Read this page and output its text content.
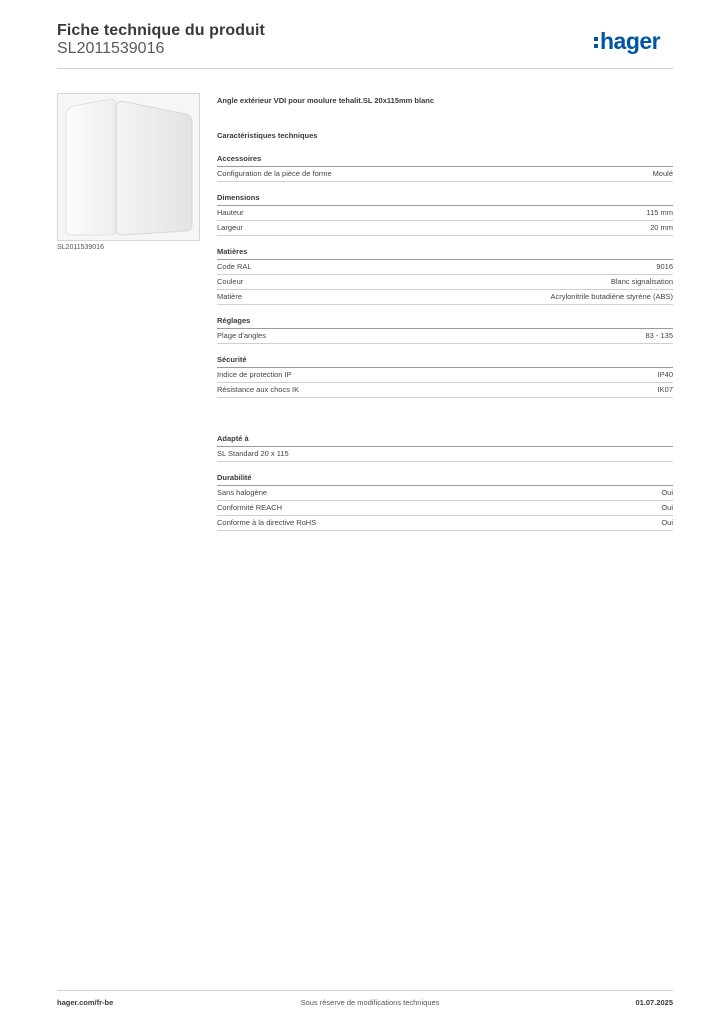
Fiche technique du produit
SL2011539016	hager
SL2011539016
Angle extérieur VDI pour moulure tehalit.SL 20x115mm blanc
Caractéristiques techniques
Accessoires
Configuration de la pièce de forme	Moulé
Dimensions
Hauteur	115 mm
Largeur	20 mm
Matières
Code RAL	9016
Couleur	Blanc signalisation
Matière	Acrylonitrile butadiène styrène (ABS)
Réglages
Plage d'angles	83 - 135
Sécurité
Indice de protection IP	IP40
Résistance aux chocs IK	IK07
Adapté à
SL Standard 20 x 115
Durabilité
Sans halogène	Oui
Conformité REACH	Oui
Conforme à la directive RoHS	Oui
hager.com/fr-be	Sous réserve de modifications techniques	01.07.2025
